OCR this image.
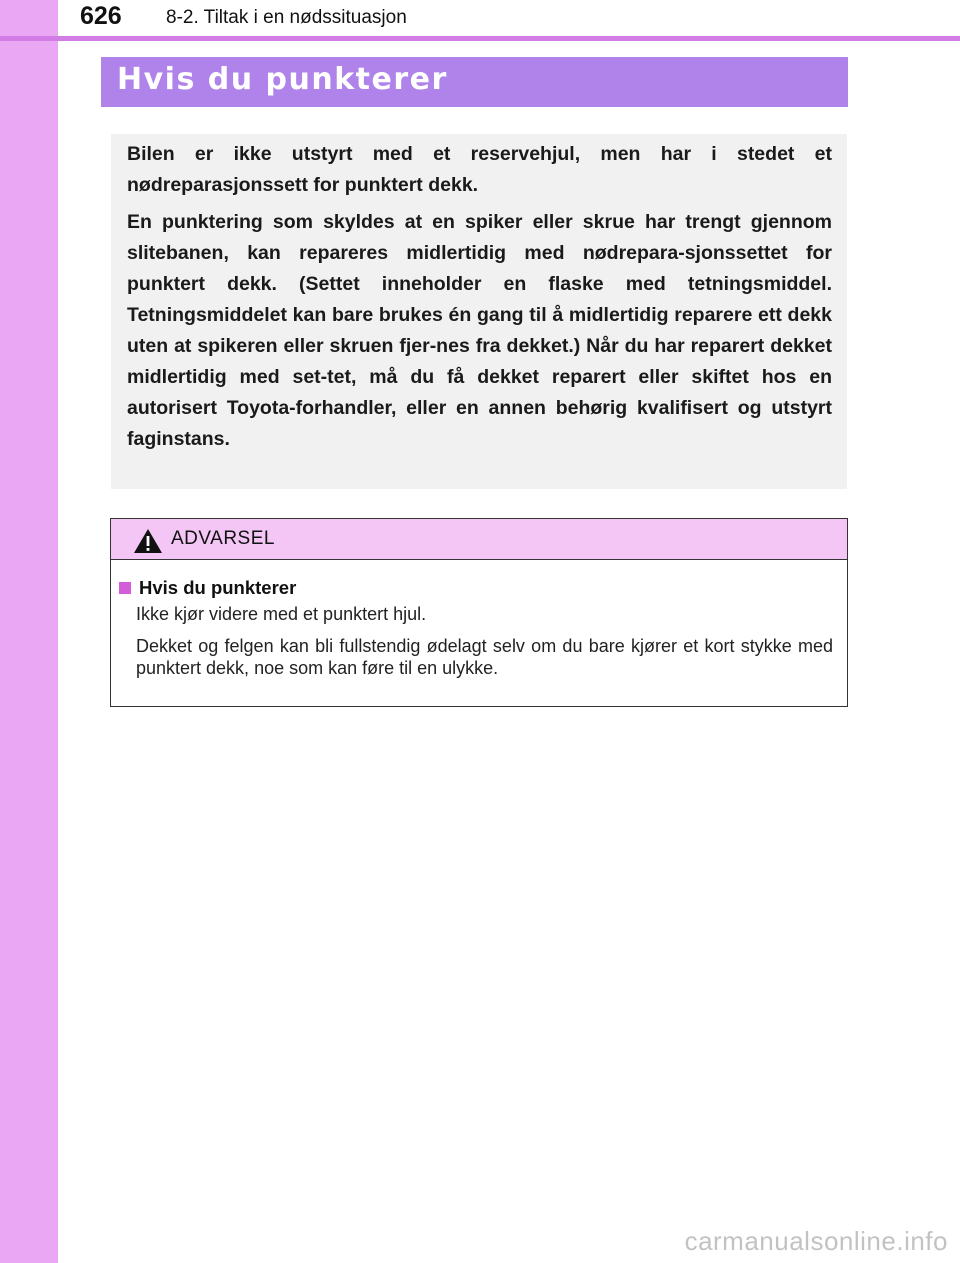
626 8-2. Tiltak i en nødssituasjon
Hvis du punkterer

Bilen er ikke utstyrt med et reservehjul, men har i stedet et nødreparasjonssett for punktert dekk.

En punktering som skyldes at en spiker eller skrue har trengt gjennom slitebanen, kan repareres midlertidig med nødrepara-sjonssettet for punktert dekk. (Settet inneholder en flaske med tetningsmiddel. Tetningsmiddelet kan bare brukes én gang til å midlertidig reparere ett dekk uten at spikeren eller skruen fjer-nes fra dekket.) Når du har reparert dekket midlertidig med set-tet, må du få dekket reparert eller skiftet hos en autorisert Toyota-forhandler, eller en annen behørig kvalifisert og utstyrt faginstans.

ADVARSEL
Hvis du punkterer

Ikke kjør videre med et punktert hjul.

Dekket og felgen kan bli fullstendig ødelagt selv om du bare kjører et kort stykke med punktert dekk, noe som kan føre til en ulykke.

carmanualsonline.info
